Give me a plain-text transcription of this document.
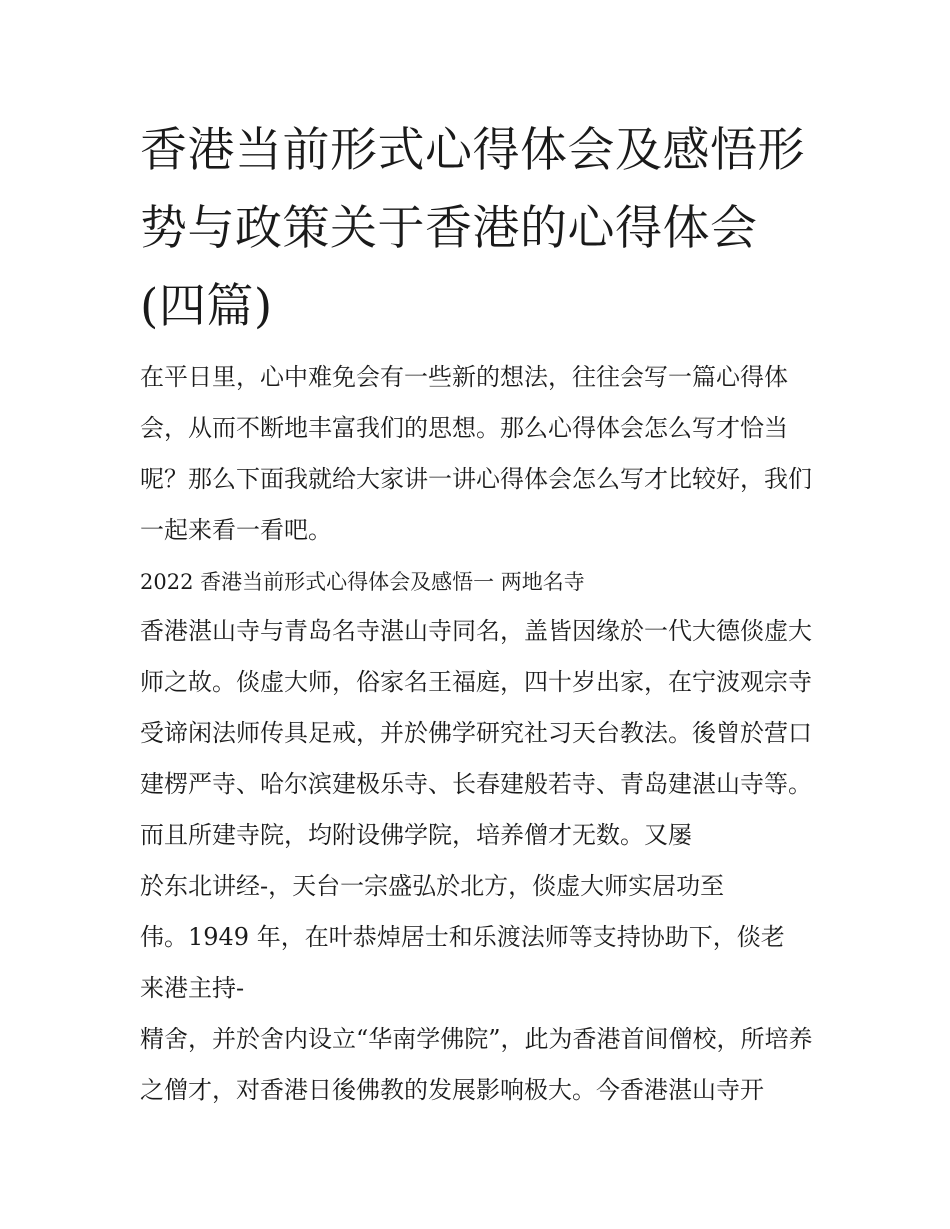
香港当前形式心得体会及感悟形势与政策关于香港的心得体会(四篇)

在平日里，心中难免会有一些新的想法，往往会写一篇心得体会，从而不断地丰富我们的思想。那么心得体会怎么写才恰当呢？那么下面我就给大家讲一讲心得体会怎么写才比较好，我们一起来看一看吧。

2022 香港当前形式心得体会及感悟一 两地名寺

香港湛山寺与青岛名寺湛山寺同名，盖皆因缘於一代大德倓虚大师之故。倓虚大师，俗家名王福庭，四十岁出家，在宁波观宗寺受谛闲法师传具足戒，并於佛学研究社习天台教法。後曾於营口建楞严寺、哈尔滨建极乐寺、长春建般若寺、青岛建湛山寺等。而且所建寺院，均附设佛学院，培养僧才无数。又屡

於东北讲经-，天台一宗盛弘於北方，倓虚大师实居功至
伟。1949 年，在叶恭焯居士和乐渡法师等支持协助下，倓老
来港主持-

精舍，并於舍内设立“华南学佛院”，此为香港首间僧校，所培养之僧才，对香港日後佛教的发展影响极大。今香港湛山寺开
